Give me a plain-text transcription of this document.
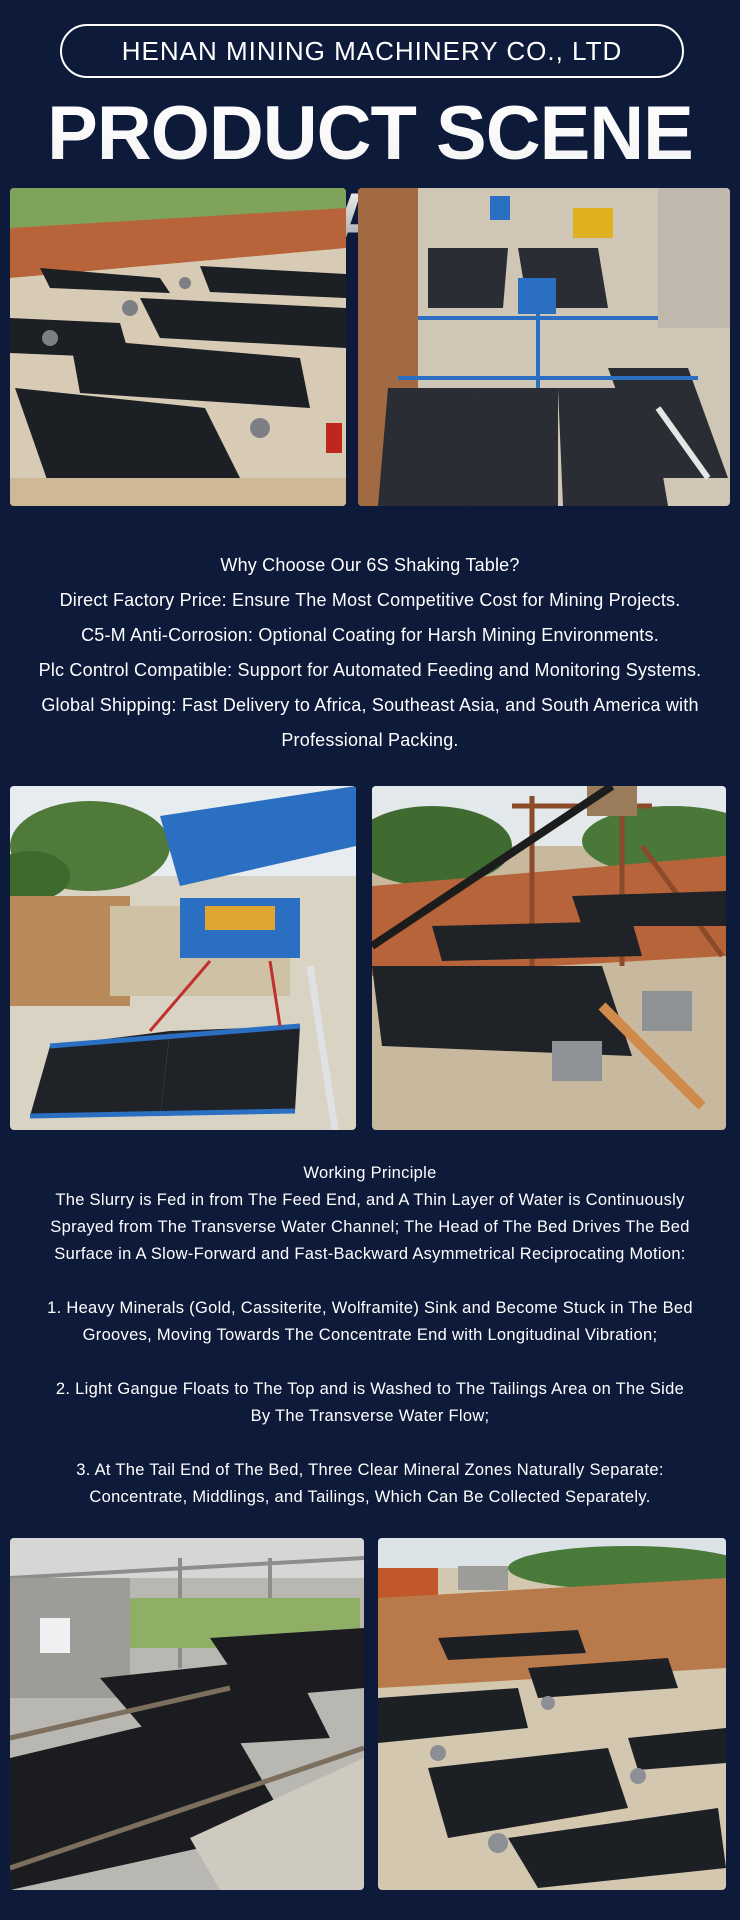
HENAN MINING MACHINERY CO., LTD
PRODUCT SCENE

Why Choose Our 6S Shaking Table?

Direct Factory Price: Ensure The Most Competitive Cost for Mining Projects.

C5-M Anti-Corrosion: Optional Coating for Harsh Mining Environments.

Plc Control Compatible: Support for Automated Feeding and Monitoring Systems.

Global Shipping: Fast Delivery to Africa, Southeast Asia, and South America with

Professional Packing.

Working Principle

The Slurry is Fed in from The Feed End, and A Thin Layer of Water is Continuously

Sprayed from The Transverse Water Channel; The Head of The Bed Drives The Bed

Surface in A Slow-Forward and Fast-Backward Asymmetrical Reciprocating Motion:

1. Heavy Minerals (Gold, Cassiterite, Wolframite) Sink and Become Stuck in The Bed

Grooves, Moving Towards The Concentrate End with Longitudinal Vibration;

2. Light Gangue Floats to The Top and is Washed to The Tailings Area on The Side

By The Transverse Water Flow;

3. At The Tail End of The Bed, Three Clear Mineral Zones Naturally Separate:

Concentrate, Middlings, and Tailings, Which Can Be Collected Separately.
